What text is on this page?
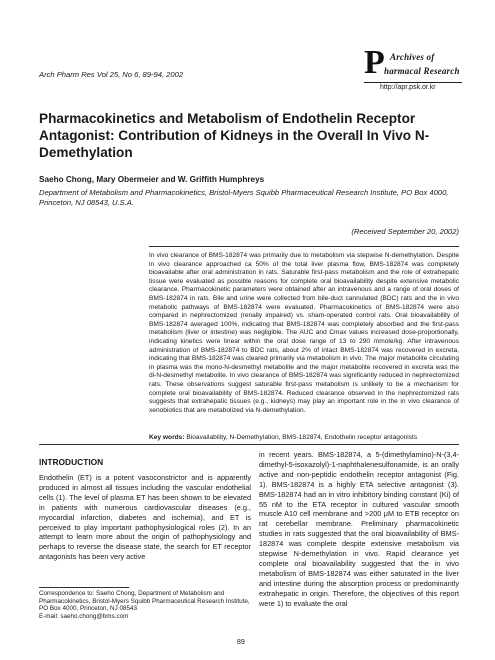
Arch Pharm Res Vol 25, No 6, 89-94, 2002	P Archives of
harmacal Research
http://apr.psk.or.kr
Pharmacokinetics and Metabolism of Endothelin Receptor Antagonist: Contribution of Kidneys in the Overall In Vivo N-Demethylation
Saeho Chong, Mary Obermeier and W. Griffith Humphreys
Department of Metabolism and Pharmacokinetics, Bristol-Myers Squibb Pharmaceutical Research Institute, PO Box 4000, Princeton, NJ 08543, U.S.A.
(Received September 20, 2002)
In vivo clearance of BMS-182874 was primarily due to metabolism via stepwise N-demethylation. Despite in vivo clearance approached ca 50% of the total liver plasma flow, BMS-182874 was completely bioavailable after oral administration in rats. Saturable first-pass metabolism and the role of extrahepatic tissue were evaluated as possible reasons for complete oral bioavailability despite extensive metabolic clearance. Pharmacokinetic parameters were obtained after an intravenous and a range of oral doses of BMS-182874 in rats. Bile and urine were collected from bile-duct cannulated (BDC) rats and the in vivo metabolic pathways of BMS-182874 were evaluated. Pharmacokinetics of BMS-182874 were also compared in nephrectomized (renally impaired) vs. sham-operated control rats. Oral bioavailability of BMS-182874 averaged 100%, indicating that BMS-182874 was completely absorbed and the first-pass metabolism (liver or intestine) was negligible. The AUC and Cmax values increased dose-proportionally, indicating kinetics were linear within the oral dose range of 13 to 290 mmole/kg. After intravenous administration of BMS-182874 to BDC rats, about 2% of intact BMS-182874 was recovered in excreta, indicating that BMS-182874 was cleared primarily via metabolism in vivo. The major metabolite circulating in plasma was the mono-N-desmethyl metabolite and the major metabolite recovered in excreta was the di-N-desmethyl metabolite. In vivo clearance of BMS-182874 was significantly reduced in nephrectomized rats. These observations suggest saturable first-pass metabolism is unlikely to be a mechanism for complete oral bioavailability of BMS-182874. Reduced clearance observed in the nephrectomized rats suggests that extrahepatic tissues (e.g., kidneys) may play an important role in the in vivo clearance of xenobiotics that are metabolized via N-demethylation.
Key words: Bioavailability, N-Demethylation, BMS-182874, Endothelin receptor antagonists
INTRODUCTION
Endothelin (ET) is a potent vasoconstrictor and is apparently produced in almost all tissues including the vascular endothelial cells (1). The level of plasma ET has been shown to be elevated in patients with numerous cardiovascular diseases (e.g., myocardial infarction, diabetes and ischemia), and ET is perceived to play important pathophysiological roles (2). In an attempt to learn more about the origin of pathophysiology and perhaps to reverse the disease state, the search for ET receptor antagonists has been very active
in recent years. BMS-182874, a 5-(dimethylamino)-N-(3,4-dimethyl-5-isoxazolyl)-1-naphthalenesulfonamide, is an orally active and non-peptidic endothelin receptor antagonist (Fig. 1). BMS-182874 is a highly ETA selective antagonist (3). BMS-182874 had an in vitro inhibitory binding constant (Ki) of 55 nM to the ETA receptor in cultured vascular smooth muscle A10 cell membrane and >200 μM to ETB receptor on rat cerebellar membrane. Preliminary pharmacokinetic studies in rats suggested that the oral bioavailability of BMS-182874 was complete despite extensive metabolism via stepwise N-demethylation in vivo. Rapid clearance yet complete oral bioavailability suggested that the in vivo metabolism of BMS-182874 was either saturated in the liver and intestine during the absorption process or predominantly extrahepatic in origin. Therefore, the objectives of this report were 1) to evaluate the oral
Correspondence to: Saeho Chong, Department of Metabolism and Pharmacokinetics, Bristol-Myers Squibb Pharmaceutical Research Institute, PO Box 4000, Princeton, NJ 08543
E-mail: saeho.chong@bms.com
89
